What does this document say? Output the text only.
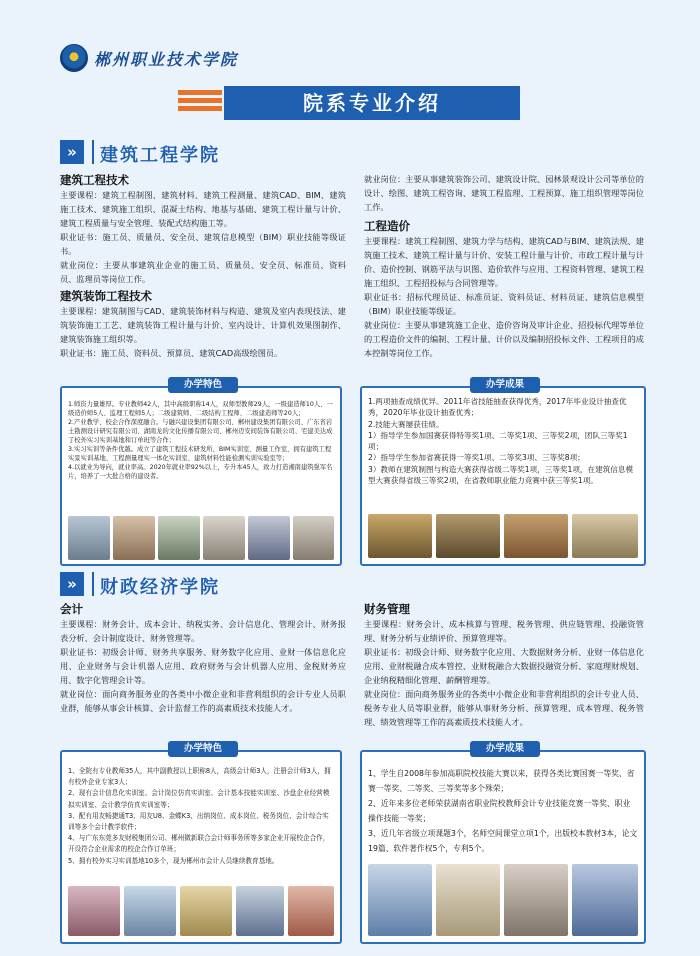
郴州职业技术学院
院系专业介绍
»	建筑工程学院
建筑工程技术

主要课程：建筑工程制图、建筑材料、建筑工程测量、建筑CAD、BIM、建筑施工技术、建筑施工组织、混凝土结构、地基与基础、建筑工程计量与计价、建筑工程质量与安全管理、装配式结构施工等。

职业证书：施工员、质量员、安全员、建筑信息模型（BIM）职业技能等级证书。

就业岗位：主要从事建筑业企业的施工员、质量员、安全员、标准员、资料员、监理员等岗位工作。

建筑装饰工程技术

主要课程：建筑制图与CAD、建筑装饰材料与构造、建筑及室内表现技法、建筑装饰施工工艺、建筑装饰工程计量与计价、室内设计、计算机效果图制作、建筑装饰施工组织等。

职业证书：施工员、资料员、预算员、建筑CAD高级绘图员。

就业岗位：主要从事建筑装饰公司、建筑设计院、园林景观设计公司等单位的设计、绘图、建筑工程咨询、建筑工程监理、工程预算、施工组织管理等岗位工作。

工程造价

主要课程：建筑工程制图、建筑力学与结构、建筑CAD与BIM、建筑法规、建筑施工技术、建筑工程计量与计价、安装工程计量与计价、市政工程计量与计价、造价控制、钢筋平法与识图、造价软件与应用、工程资料管理、建筑工程施工组织、工程招投标与合同管理等。

职业证书：招标代理员证、标准员证、资料员证、材料员证、建筑信息模型（BIM）职业技能等级证。

就业岗位：主要从事建筑施工企业、造价咨询及审计企业、招投标代理等单位的工程造价文件的编制、工程计量、计价以及编制招投标文件、工程项目的成本控制等岗位工作。

1.师资力量雄厚。专业教师42人，其中高级职称14人，双师型教师29人，一级建造师10人、一级造价师5人、监理工程师5人；二级建筑师、二级结构工程师、二级建造师等20人；
2.产业教学、校企合作深度融合。与融兴建设集团有限公司、郴州建设集团有限公司、广东省岩土勘测设计研究有限公司、湖南龙的文化传播有限公司、郴州迈安间装饰有限公司、宅建美达成了校外实习实训基地和订单班等合作；
3.实习实训等条件优越。成立了建筑工程技术研发所、BIM实训室、测量工作室，拥有建筑工程实景实训基地、工程测量理实一体化实训室、建筑材料性能检测实训实验室等；
4.以就业为导向，就业率高。2020年就业率92%以上，专升本45人，致力打造湘南建筑强军名片，培养了一大批合格的建设者。
办学特色
1.两项抽查成绩优异。2011年省技能抽查获得优秀，2017年毕业设计抽查优秀，2020年毕业设计抽查优秀；
2.技能大赛屡获佳绩。
1）指导学生参加国赛获得特等奖1项、二等奖1项、三等奖2项，团队三等奖1项；
2）指导学生参加省赛获得一等奖1项、二等奖3项、三等奖8项；
3）教师在建筑制图与构造大赛获得省级二等奖1项，三等奖1项，在建筑信息模型大赛获得省级三等奖2项，在省教师职业能力竞赛中获三等奖1项。
办学成果
»	财政经济学院
会计

主要课程：财务会计、成本会计、纳税实务、会计信息化、管理会计、财务报表分析、会计制度设计、财务管理等。

职业证书：初级会计师、财务共享服务、财务数字化应用、业财一体信息化应用、企业财务与会计机器人应用、政府财务与会计机器人应用、金税财务应用、数字化管理会计等。

就业岗位：面向商务服务业的各类中小微企业和非营利组织的会计专业人员职业群，能够从事会计核算、会计监督工作的高素质技术技能人才。

财务管理

主要课程：财务会计、成本核算与管理、税务管理、供应链管理、投融资管理、财务分析与业绩评价、预算管理等。

职业证书：初级会计师、财务数字化应用、大数据财务分析、业财一体信息化应用、业财税融合成本管控、业财税融合大数据投融资分析、家庭理财规划、企业纳税精细化管理、薪酬管理等。

就业岗位：面向商务服务业的各类中小微企业和非营利组织的会计专业人员、税务专业人员等职业群，能够从事财务分析、预算管理、成本管理、税务管理、绩效管理等工作的高素质技术技能人才。

1、全院有专业教师35人，其中副教授以上职称8人，高级会计师3人，注册会计师3人，拥有校外企业专家3人；
2、现有会计信息化实训室、会计岗位仿真实训室、会计基本技能实训室、沙盘企业经营模拟实训室、会计教学仿真实训室等；
3、配有用友畅捷通T3、用友U8、金蝶K3、出纳岗位、成本岗位、税务岗位、会计综合实训等多个会计教学软件；
4、与广东东莞多友财税集团公司、郴州微新联合会计师事务所等多家企业开展校企合作，开设符合企业需求的校企合作订单班；
5、拥有校外实习实训基地10多个，现为郴州市会计人员继续教育基地。
办学特色
1、学生自2008年参加高职院校技能大赛以来，获得各类比赛国赛一等奖、省赛一等奖、二等奖、三等奖等多个殊荣；
2、近年来多位老师荣获湖南省职业院校教师会计专业技能竞赛一等奖、职业操作技能一等奖；
3、近几年省级立项课题3个，名师空间课堂立项1个，出版校本教材3本，论文19篇、软件著作权5个，专利5个。
办学成果
